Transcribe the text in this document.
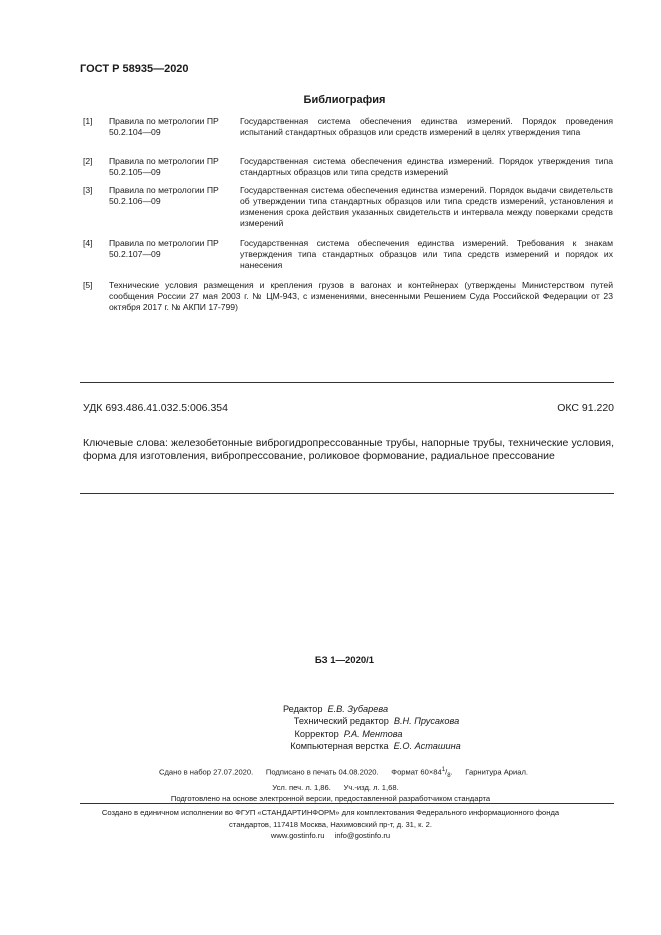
ГОСТ Р 58935—2020
Библиография
[1] Правила по метрологии ПР 50.2.104—09
Государственная система обеспечения единства измерений. Порядок проведения испытаний стандартных образцов или средств измерений в целях утверждения типа
[2] Правила по метрологии ПР 50.2.105—09
Государственная система обеспечения единства измерений. Порядок утверждения типа стандартных образцов или типа средств измерений
[3] Правила по метрологии ПР 50.2.106—09
Государственная система обеспечения единства измерений. Порядок выдачи свидетельств об утверждении типа стандартных образцов или типа средств измерений, установления и изменения срока действия указанных свидетельств и интервала между поверками средств измерений
[4] Правила по метрологии ПР 50.2.107—09
Государственная система обеспечения единства измерений. Требования к знакам утверждения типа стандартных образцов или типа средств измерений и порядок их нанесения
[5] Технические условия размещения и крепления грузов в вагонах и контейнерах (утверждены Министерством путей сообщения России 27 мая 2003 г. № ЦМ-943, с изменениями, внесенными Решением Суда Российской Федерации от 23 октября 2017 г. № АКПИ 17-799)
УДК 693.486.41.032.5:006.354	ОКС 91.220
Ключевые слова: железобетонные виброгидропрессованные трубы, напорные трубы, технические условия, форма для изготовления, вибропрессование, роликовое формование, радиальное прессование
БЗ 1—2020/1
Редактор Е.В. Зубарева
Технический редактор В.Н. Прусакова
Корректор Р.А. Ментова
Компьютерная верстка Е.О. Асташина
Сдано в набор 27.07.2020.      Подписано в печать 04.08.2020.      Формат $60\times 84^1/_8$.      Гарнитура Ариал.
Усл. печ. л. 1,86.      Уч.-изд. л. 1,68.
Подготовлено на основе электронной версии, предоставленной разработчиком стандарта
Создано в единичном исполнении во ФГУП «СТАНДАРТИНФОРМ» для комплектования Федерального информационного фонда
стандартов, 117418 Москва, Нахимовский пр-т, д. 31, к. 2.
www.gostinfo.ru info@gostinfo.ru
